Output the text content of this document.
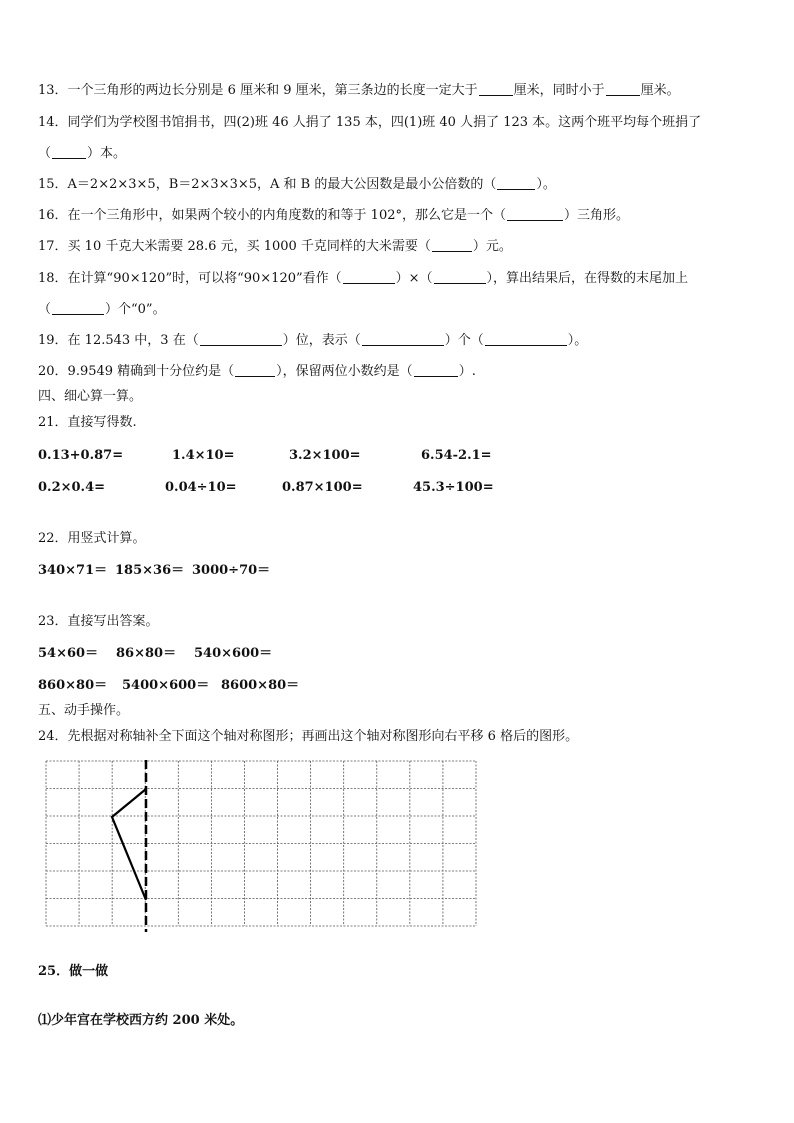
13．一个三角形的两边长分别是 6 厘米和 9 厘米，第三条边的长度一定大于	厘米，同时小于	厘米。
14．同学们为学校图书馆捐书，四(2)班 46 人捐了 135 本，四(1)班 40 人捐了 123 本。这两个班平均每个班捐了
（	）本。
15．A＝2×2×3×5，B＝2×3×3×5，A 和 B 的最大公因数是最小公倍数的（	）。
16．在一个三角形中，如果两个较小的内角度数的和等于 102°，那么它是一个（	）三角形。
17．买 10 千克大米需要 28.6 元，买 1000 千克同样的大米需要（	）元。
18．在计算“90×120”时，可以将“90×120”看作（	）×（	），算出结果后，在得数的末尾加上
（	）个“0”。
19．在 12.543 中，3 在（	）位，表示（	）个（	）。
20．9.9549 精确到十分位约是（	），保留两位小数约是（	）.
四、细心算一算。
21．直接写得数.
0.13+0.87=	1.4×10=	3.2×100=	6.54-2.1=
0.2×0.4=	0.04÷10=	0.87×100=	45.3÷100=
22．用竖式计算。
340×71＝ 185×36＝ 3000÷70＝
23．直接写出答案。
54×60＝ 86×80＝ 540×600＝
860×80＝ 5400×600＝ 8600×80＝
五、动手操作。
24．先根据对称轴补全下面这个轴对称图形；再画出这个轴对称图形向右平移 6 格后的图形。
25．做一做
⑴少年宫在学校西方约 200 米处。
